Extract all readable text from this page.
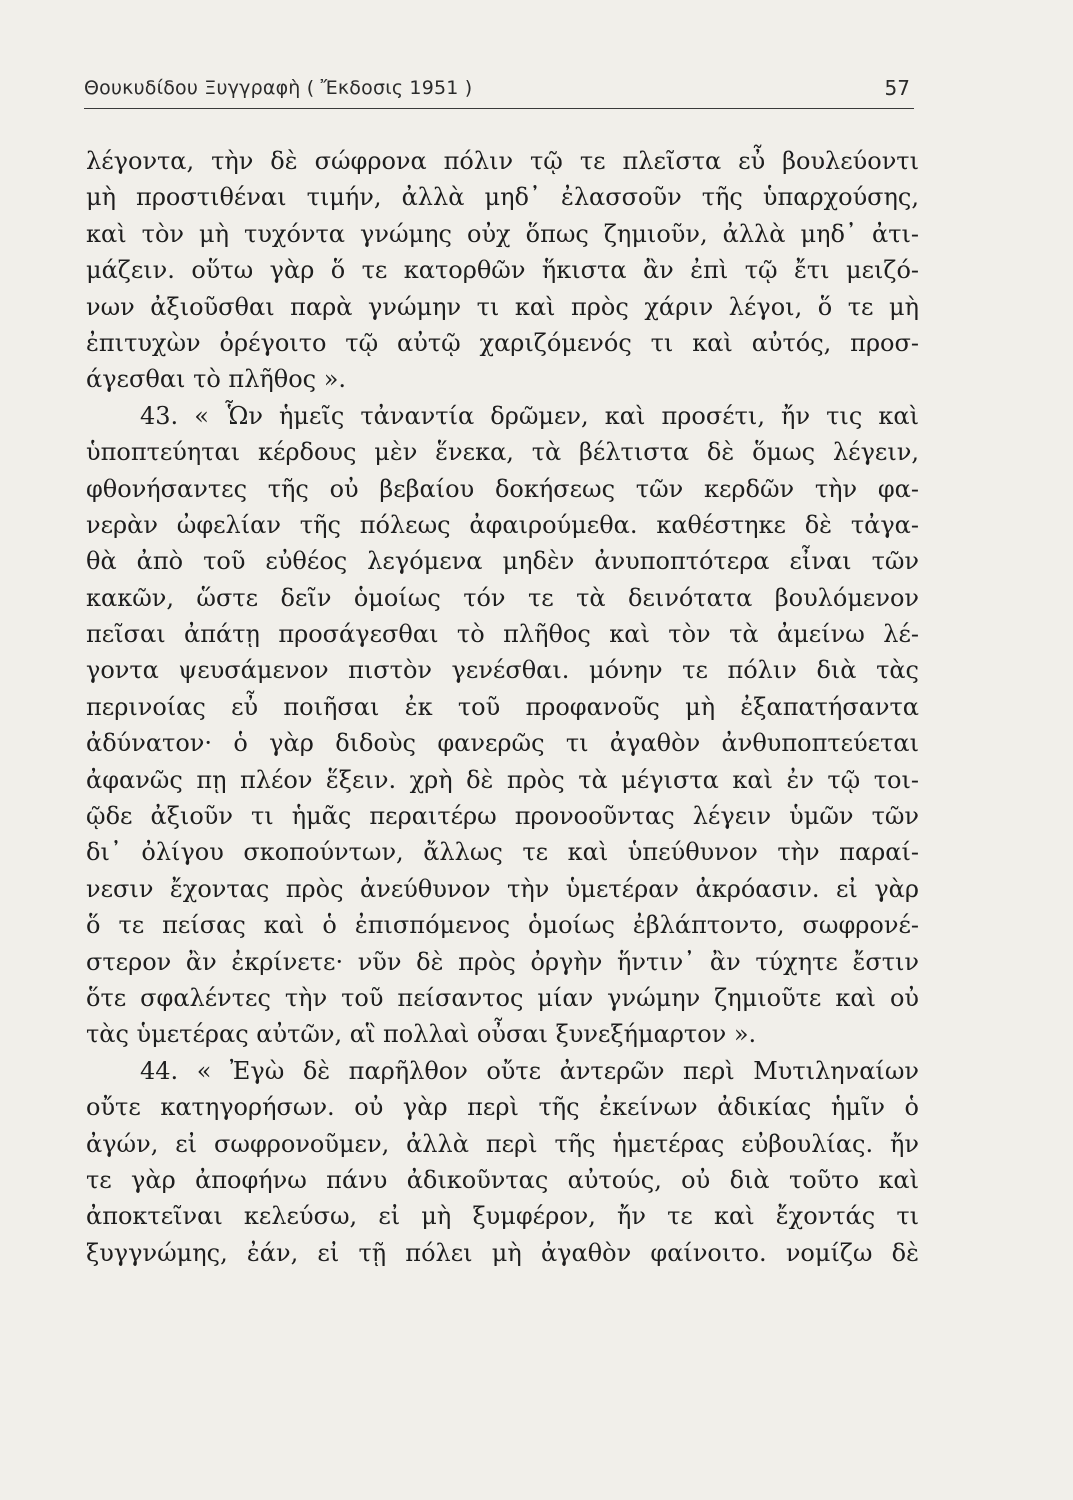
Θουκυδίδου Ξυγγραφὴ ( Ἔκδοσις 1951 )	57
λέγοντα, τὴν δὲ σώφρονα πόλιν τῷ τε πλεῖστα εὖ βουλεύοντι
μὴ προστιθέναι τιμήν, ἀλλὰ μηδ᾽ ἐλασσοῦν τῆς ὑπαρχούσης,
καὶ τὸν μὴ τυχόντα γνώμης οὐχ ὅπως ζημιοῦν, ἀλλὰ μηδ᾽ ἀτι-
μάζειν. οὕτω γὰρ ὅ τε κατορθῶν ἥκιστα ἂν ἐπὶ τῷ ἔτι μειζό-
νων ἀξιοῦσθαι παρὰ γνώμην τι καὶ πρὸς χάριν λέγοι, ὅ τε μὴ
ἐπιτυχὼν ὀρέγοιτο τῷ αὐτῷ χαριζόμενός τι καὶ αὐτός, προσ-
άγεσθαι τὸ πλῆθος ».
43. « Ὧν ἡμεῖς τἀναντία δρῶμεν, καὶ προσέτι, ἤν τις καὶ
ὑποπτεύηται κέρδους μὲν ἕνεκα, τὰ βέλτιστα δὲ ὅμως λέγειν,
φθονήσαντες τῆς οὐ βεβαίου δοκήσεως τῶν κερδῶν τὴν φα-
νερὰν ὠφελίαν τῆς πόλεως ἀφαιρούμεθα. καθέστηκε δὲ τἀγα-
θὰ ἀπὸ τοῦ εὐθέος λεγόμενα μηδὲν ἀνυποπτότερα εἶναι τῶν
κακῶν, ὥστε δεῖν ὁμοίως τόν τε τὰ δεινότατα βουλόμενον
πεῖσαι ἀπάτῃ προσάγεσθαι τὸ πλῆθος καὶ τὸν τὰ ἀμείνω λέ-
γοντα ψευσάμενον πιστὸν γενέσθαι. μόνην τε πόλιν διὰ τὰς
περινοίας εὖ ποιῆσαι ἐκ τοῦ προφανοῦς μὴ ἐξαπατήσαντα
ἀδύνατον· ὁ γὰρ διδοὺς φανερῶς τι ἀγαθὸν ἀνθυποπτεύεται
ἀφανῶς πῃ πλέον ἕξειν. χρὴ δὲ πρὸς τὰ μέγιστα καὶ ἐν τῷ τοι-
ῷδε ἀξιοῦν τι ἡμᾶς περαιτέρω προνοοῦντας λέγειν ὑμῶν τῶν
δι᾽ ὀλίγου σκοπούντων, ἄλλως τε καὶ ὑπεύθυνον τὴν παραί-
νεσιν ἔχοντας πρὸς ἀνεύθυνον τὴν ὑμετέραν ἀκρόασιν. εἰ γὰρ
ὅ τε πείσας καὶ ὁ ἐπισπόμενος ὁμοίως ἐβλάπτοντο, σωφρονέ-
στερον ἂν ἐκρίνετε· νῦν δὲ πρὸς ὀργὴν ἥντιν᾽ ἂν τύχητε ἔστιν
ὅτε σφαλέντες τὴν τοῦ πείσαντος μίαν γνώμην ζημιοῦτε καὶ οὐ
τὰς ὑμετέρας αὐτῶν, αἳ πολλαὶ οὖσαι ξυνεξήμαρτον ».
44. « Ἐγὼ δὲ παρῆλθον οὔτε ἀντερῶν περὶ Μυτιληναίων
οὔτε κατηγορήσων. οὐ γὰρ περὶ τῆς ἐκείνων ἀδικίας ἡμῖν ὁ
ἀγών, εἰ σωφρονοῦμεν, ἀλλὰ περὶ τῆς ἡμετέρας εὐβουλίας. ἤν
τε γὰρ ἀποφήνω πάνυ ἀδικοῦντας αὐτούς, οὐ διὰ τοῦτο καὶ
ἀποκτεῖναι κελεύσω, εἰ μὴ ξυμφέρον, ἤν τε καὶ ἔχοντάς τι
ξυγγνώμης, ἐάν, εἰ τῇ πόλει μὴ ἀγαθὸν φαίνοιτο. νομίζω δὲ
